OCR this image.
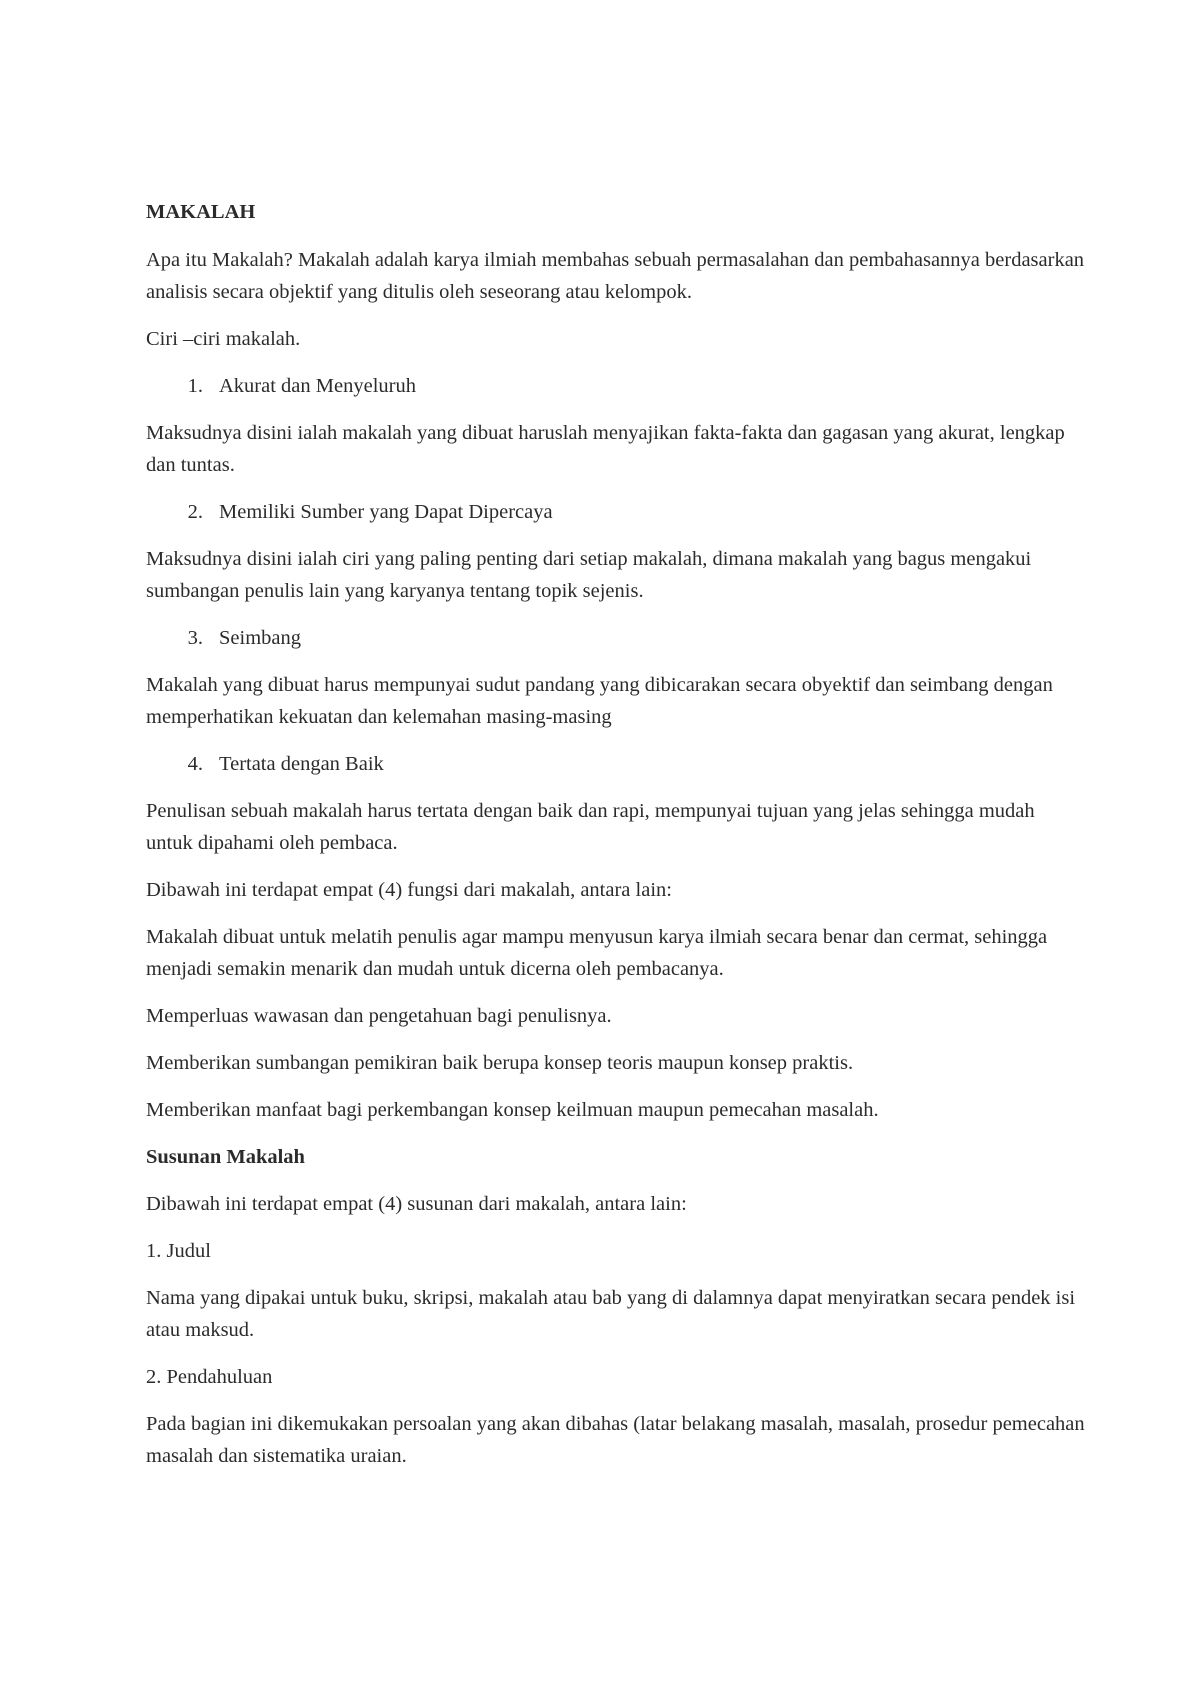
MAKALAH

Apa itu Makalah? Makalah adalah karya ilmiah membahas sebuah permasalahan dan pembahasannya berdasarkan analisis secara objektif yang ditulis oleh seseorang atau kelompok.

Ciri –ciri makalah.

1. Akurat dan Menyeluruh

Maksudnya disini ialah makalah yang dibuat haruslah menyajikan fakta-fakta dan gagasan yang akurat, lengkap dan tuntas.

2. Memiliki Sumber yang Dapat Dipercaya

Maksudnya disini ialah ciri yang paling penting dari setiap makalah, dimana makalah yang bagus mengakui sumbangan penulis lain yang karyanya tentang topik sejenis.

3. Seimbang

Makalah yang dibuat harus mempunyai sudut pandang yang dibicarakan secara obyektif dan seimbang dengan memperhatikan kekuatan dan kelemahan masing-masing

4. Tertata dengan Baik

Penulisan sebuah makalah harus tertata dengan baik dan rapi, mempunyai tujuan yang jelas sehingga mudah untuk dipahami oleh pembaca.

Dibawah ini terdapat empat (4) fungsi dari makalah, antara lain:

Makalah dibuat untuk melatih penulis agar mampu menyusun karya ilmiah secara benar dan cermat, sehingga menjadi semakin menarik dan mudah untuk dicerna oleh pembacanya.

Memperluas wawasan dan pengetahuan bagi penulisnya.

Memberikan sumbangan pemikiran baik berupa konsep teoris maupun konsep praktis.

Memberikan manfaat bagi perkembangan konsep keilmuan maupun pemecahan masalah.

Susunan Makalah

Dibawah ini terdapat empat (4) susunan dari makalah, antara lain:

1. Judul

Nama yang dipakai untuk buku, skripsi, makalah atau bab yang di dalamnya dapat menyiratkan secara pendek isi atau maksud.

2. Pendahuluan

Pada bagian ini dikemukakan persoalan yang akan dibahas (latar belakang masalah, masalah, prosedur pemecahan masalah dan sistematika uraian.
